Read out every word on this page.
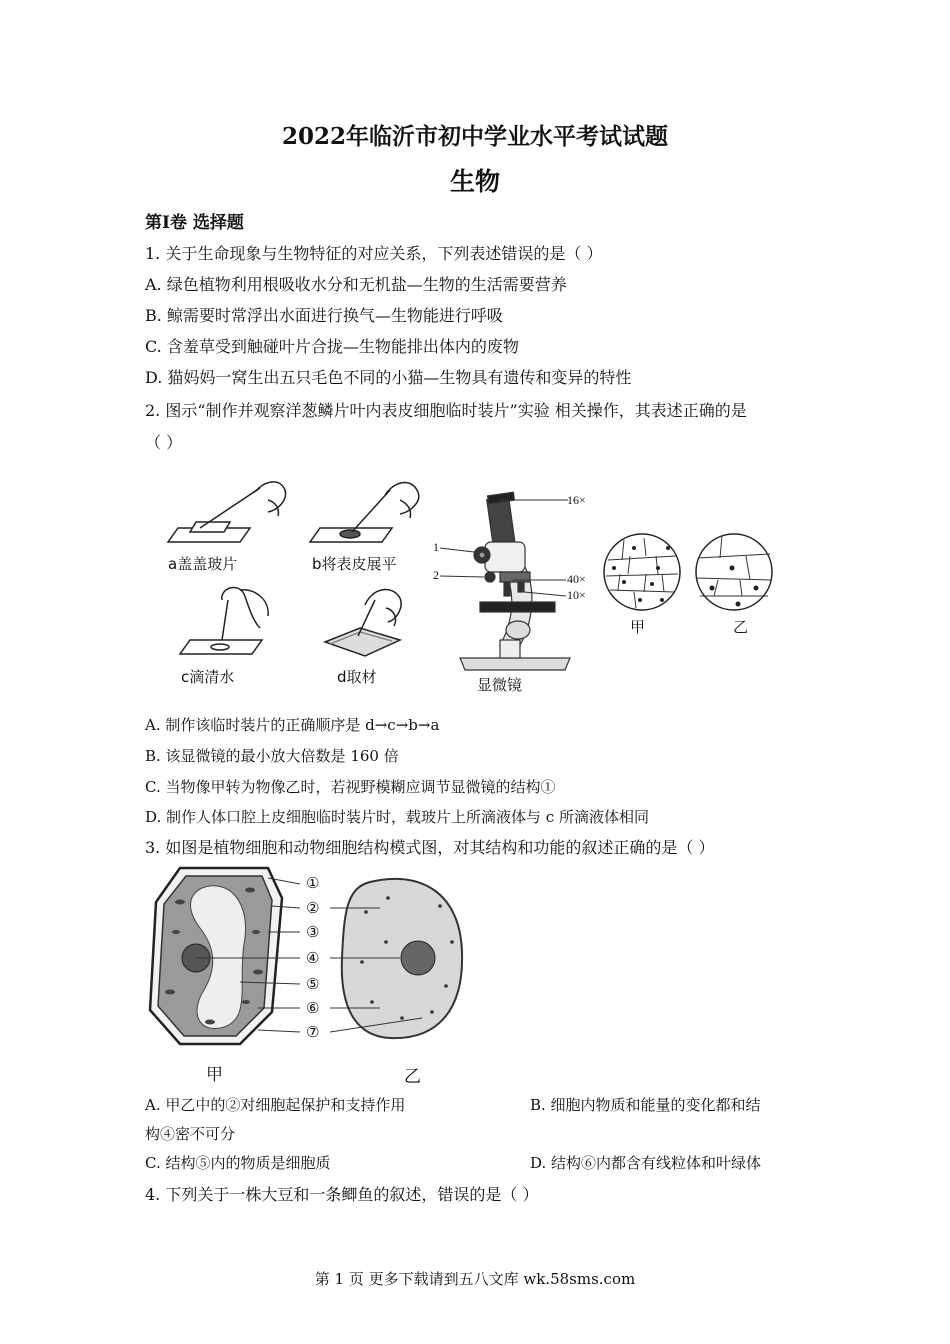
2022年临沂市初中学业水平考试试题
生物
第I卷 选择题
1. 关于生命现象与生物特征的对应关系，下列表述错误的是（ ）
A. 绿色植物利用根吸收水分和无机盐—生物的生活需要营养
B. 鲸需要时常浮出水面进行换气—生物能进行呼吸
C. 含羞草受到触碰叶片合拢—生物能排出体内的废物
D. 猫妈妈一窝生出五只毛色不同的小猫—生物具有遗传和变异的特性
2. 图示“制作并观察洋葱鳞片叶内表皮细胞临时装片”实验 相关操作，其表述正确的是
（ ）
a盖盖玻片	b将表皮展平
c滴清水	d取材
16×
1
2	40×
10×
显微镜
甲	乙
A. 制作该临时装片的正确顺序是 d→c→b→a
B. 该显微镜的最小放大倍数是 160 倍
C. 当物像甲转为物像乙时，若视野模糊应调节显微镜的结构①
D. 制作人体口腔上皮细胞临时装片时，载玻片上所滴液体与 c 所滴液体相同
3. 如图是植物细胞和动物细胞结构模式图，对其结构和功能的叙述正确的是（ ）
①
②
③
④
⑤
⑥
⑦
甲	乙
A. 甲乙中的②对细胞起保护和支持作用	B. 细胞内物质和能量的变化都和结
构④密不可分
C. 结构⑤内的物质是细胞质	D. 结构⑥内都含有线粒体和叶绿体
4. 下列关于一株大豆和一条鲫鱼的叙述，错误的是（ ）
第 1 页 更多下载请到五八文库 wk.58sms.com
